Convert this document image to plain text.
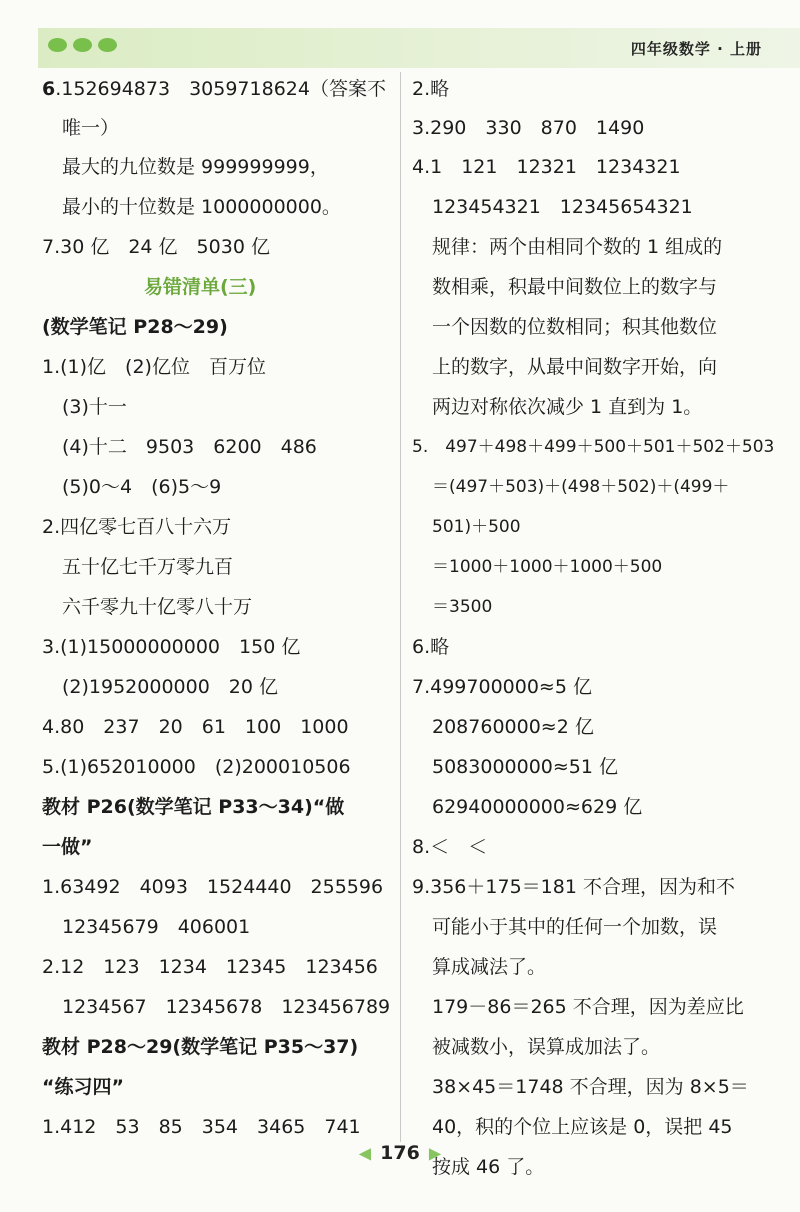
四年级数学 · 上册
6.152694873　3059718624（答案不
唯一）
最大的九位数是 999999999，
最小的十位数是 1000000000。
7.30 亿　24 亿　5030 亿
易错清单(三)
(数学笔记 P28～29)
1.(1)亿　(2)亿位　百万位
(3)十一
(4)十二　9503　6200　486
(5)0～4　(6)5～9
2.四亿零七百八十六万
五十亿七千万零九百
六千零九十亿零八十万
3.(1)15000000000　150 亿
(2)1952000000　20 亿
4.80　237　20　61　100　1000
5.(1)652010000　(2)200010506
教材 P26(数学笔记 P33～34)“做
一做”
1.63492　4093　1524440　255596
12345679　406001
2.12　123　1234　12345　123456
1234567　12345678　123456789
教材 P28～29(数学笔记 P35～37)
“练习四”
1.412　53　85　354　3465　741
2.略
3.290　330　870　1490
4.1　121　12321　1234321
123454321　12345654321
规律：两个由相同个数的 1 组成的
数相乘，积最中间数位上的数字与
一个因数的位数相同；积其他数位
上的数字，从最中间数字开始，向
两边对称依次减少 1 直到为 1。
5.　497＋498＋499＋500＋501＋502＋503
＝(497＋503)＋(498＋502)＋(499＋
501)＋500
＝1000＋1000＋1000＋500
＝3500
6.略
7.499700000≈5 亿
208760000≈2 亿
5083000000≈51 亿
62940000000≈629 亿
8.＜　＜
9.356＋175＝181 不合理，因为和不
可能小于其中的任何一个加数，误
算成减法了。
179－86＝265 不合理，因为差应比
被减数小，误算成加法了。
38×45＝1748 不合理，因为 8×5＝
40，积的个位上应该是 0，误把 45
按成 46 了。
◀ 176 ▶
